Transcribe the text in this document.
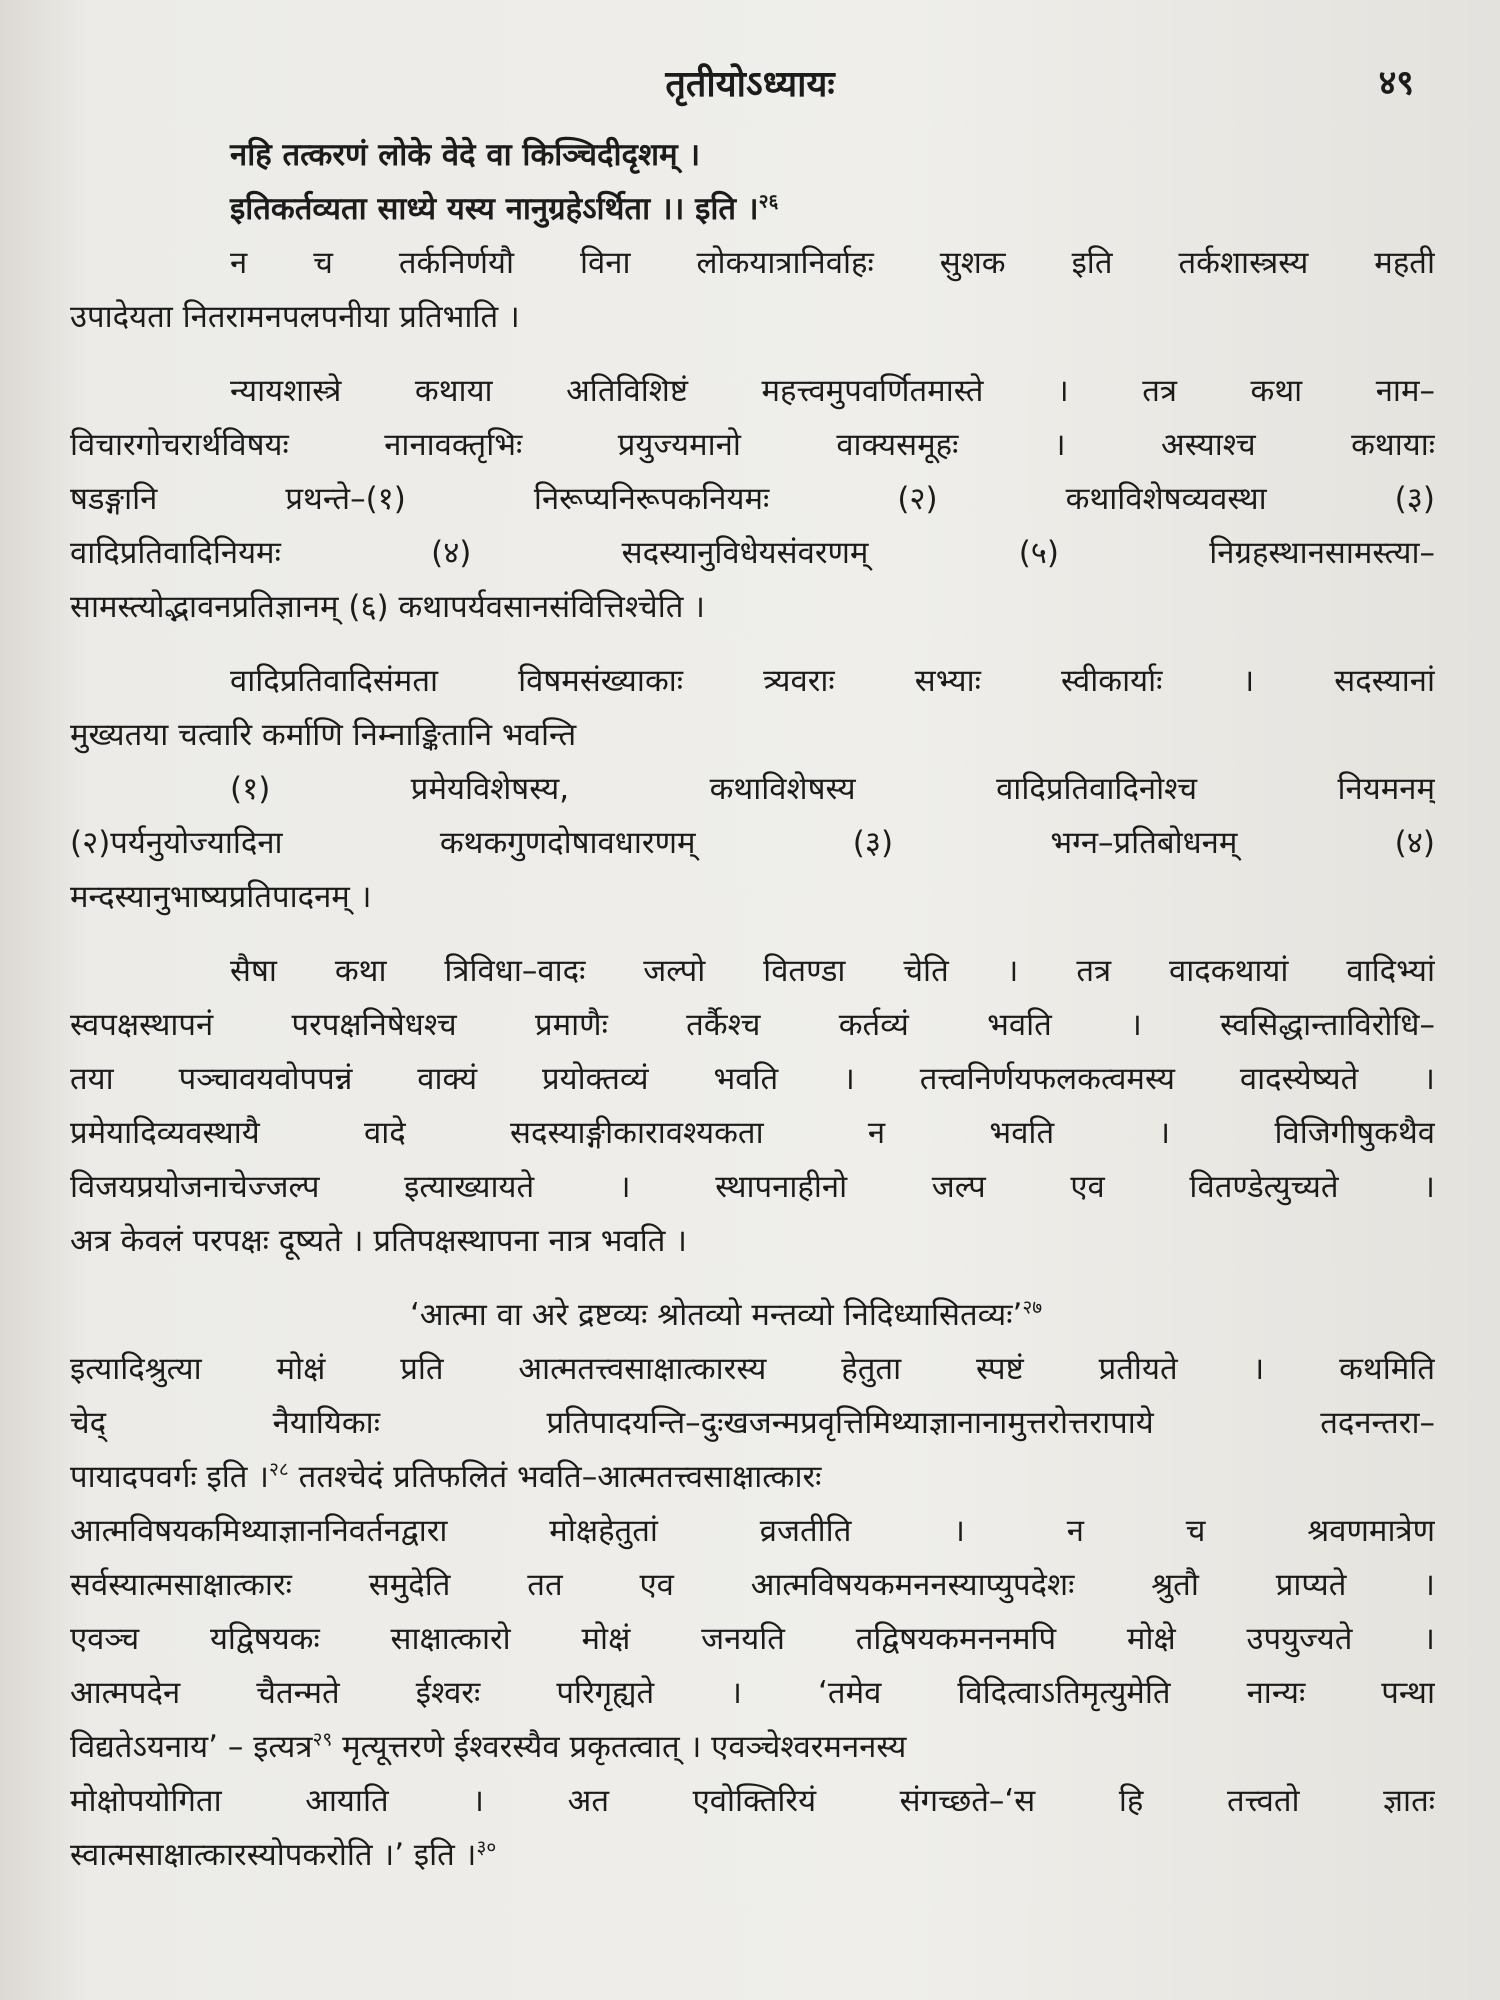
तृतीयोऽध्यायः	४९
नहि तत्करणं लोके वेदे वा किञ्चिदीदृशम् ।
इतिकर्तव्यता साध्ये यस्य नानुग्रहेऽर्थिता ।। इति ।$^{२६}$
न च तर्कनिर्णयौ विना लोकयात्रानिर्वाहः सुशक इति तर्कशास्त्रस्य महती
उपादेयता नितरामनपलपनीया प्रतिभाति ।
न्यायशास्त्रे कथाया अतिविशिष्टं महत्त्वमुपवर्णितमास्ते । तत्र कथा नाम–
विचारगोचरार्थविषयः नानावक्तृभिः प्रयुज्यमानो वाक्यसमूहः । अस्याश्च कथायाः
षडङ्गानि प्रथन्ते–(१) निरूप्यनिरूपकनियमः (२) कथाविशेषव्यवस्था (३)
वादिप्रतिवादिनियमः (४) सदस्यानुविधेयसंवरणम् (५) निग्रहस्थानसामस्त्या–
सामस्त्योद्भावनप्रतिज्ञानम् (६) कथापर्यवसानसंवित्तिश्चेति ।
वादिप्रतिवादिसंमता विषमसंख्याकाः त्र्यवराः सभ्याः स्वीकार्याः । सदस्यानां
मुख्यतया चत्वारि कर्माणि निम्नाङ्कितानि भवन्ति
(१) प्रमेयविशेषस्य, कथाविशेषस्य वादिप्रतिवादिनोश्च नियमनम्
(२)पर्यनुयोज्यादिना कथकगुणदोषावधारणम् (३) भग्न–प्रतिबोधनम् (४)
मन्दस्यानुभाष्यप्रतिपादनम् ।
सैषा कथा त्रिविधा–वादः जल्पो वितण्डा चेति । तत्र वादकथायां वादिभ्यां
स्वपक्षस्थापनं परपक्षनिषेधश्च प्रमाणैः तर्कैश्च कर्तव्यं भवति । स्वसिद्धान्ताविरोधि–
तया पञ्चावयवोपपन्नं वाक्यं प्रयोक्तव्यं भवति । तत्त्वनिर्णयफलकत्वमस्य वादस्येष्यते ।
प्रमेयादिव्यवस्थायै वादे सदस्याङ्गीकारावश्यकता न भवति । विजिगीषुकथैव
विजयप्रयोजनाचेज्जल्प इत्याख्यायते । स्थापनाहीनो जल्प एव वितण्डेत्युच्यते ।
अत्र केवलं परपक्षः दूष्यते । प्रतिपक्षस्थापना नात्र भवति ।
‘आत्मा वा अरे द्रष्टव्यः श्रोतव्यो मन्तव्यो निदिध्यासितव्यः’$^{२७}$
इत्यादिश्रुत्या मोक्षं प्रति आत्मतत्त्वसाक्षात्कारस्य हेतुता स्पष्टं प्रतीयते । कथमिति
चेद् नैयायिकाः प्रतिपादयन्ति–दुःखजन्मप्रवृत्तिमिथ्याज्ञानानामुत्तरोत्तरापाये तदनन्तरा–
पायादपवर्गः इति ।$^{२८}$ ततश्चेदं प्रतिफलितं भवति–आत्मतत्त्वसाक्षात्कारः
आत्मविषयकमिथ्याज्ञाननिवर्तनद्वारा मोक्षहेतुतां व्रजतीति । न च श्रवणमात्रेण
सर्वस्यात्मसाक्षात्कारः समुदेति तत एव आत्मविषयकमननस्याप्युपदेशः श्रुतौ प्राप्यते ।
एवञ्च यद्विषयकः साक्षात्कारो मोक्षं जनयति तद्विषयकमननमपि मोक्षे उपयुज्यते ।
आत्मपदेन चैतन्मते ईश्वरः परिगृह्यते । ‘तमेव विदित्वाऽतिमृत्युमेति नान्यः पन्था
विद्यतेऽयनाय’ – इत्यत्र$^{२९}$ मृत्यूत्तरणे ईश्वरस्यैव प्रकृतत्वात् । एवञ्चेश्वरमननस्य
मोक्षोपयोगिता आयाति । अत एवोक्तिरियं संगच्छते–‘स हि तत्त्वतो ज्ञातः
स्वात्मसाक्षात्कारस्योपकरोति ।’ इति ।$^{३०}$
